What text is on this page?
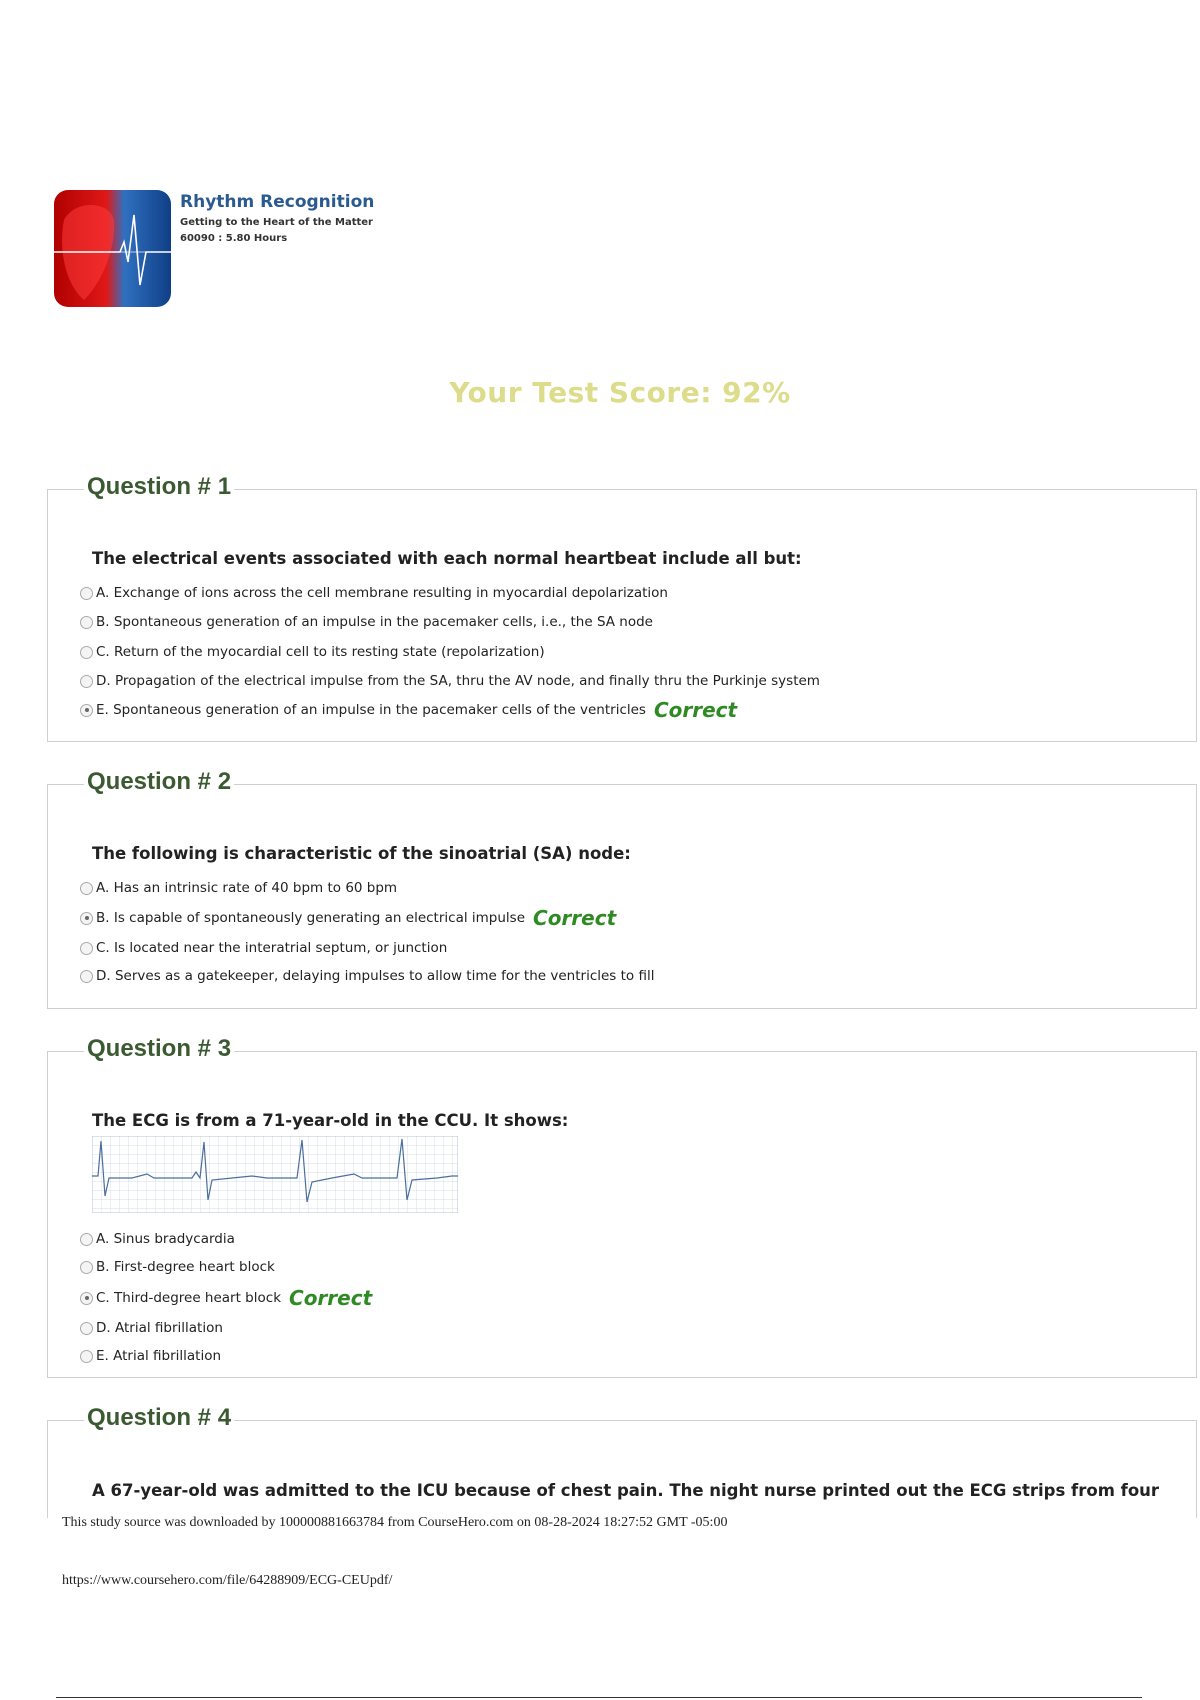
Rhythm Recognition
Getting to the Heart of the Matter
60090 : 5.80 Hours
Your Test Score: 92%
Question # 1
The electrical events associated with each normal heartbeat include all but:
A. Exchange of ions across the cell membrane resulting in myocardial depolarization
B. Spontaneous generation of an impulse in the pacemaker cells, i.e., the SA node
C. Return of the myocardial cell to its resting state (repolarization)
D. Propagation of the electrical impulse from the SA, thru the AV node, and finally thru the Purkinje system
E. Spontaneous generation of an impulse in the pacemaker cells of the ventricles Correct
Question # 2
The following is characteristic of the sinoatrial (SA) node:
A. Has an intrinsic rate of 40 bpm to 60 bpm
B. Is capable of spontaneously generating an electrical impulse Correct
C. Is located near the interatrial septum, or junction
D. Serves as a gatekeeper, delaying impulses to allow time for the ventricles to fill
Question # 3
The ECG is from a 71-year-old in the CCU. It shows:
A. Sinus bradycardia
B. First-degree heart block
C. Third-degree heart block Correct
D. Atrial fibrillation
E. Atrial fibrillation
Question # 4
A 67-year-old was admitted to the ICU because of chest pain. The night nurse printed out the ECG strips from four
This study source was downloaded by 100000881663784 from CourseHero.com on 08-28-2024 18:27:52 GMT -05:00
https://www.coursehero.com/file/64288909/ECG-CEUpdf/
